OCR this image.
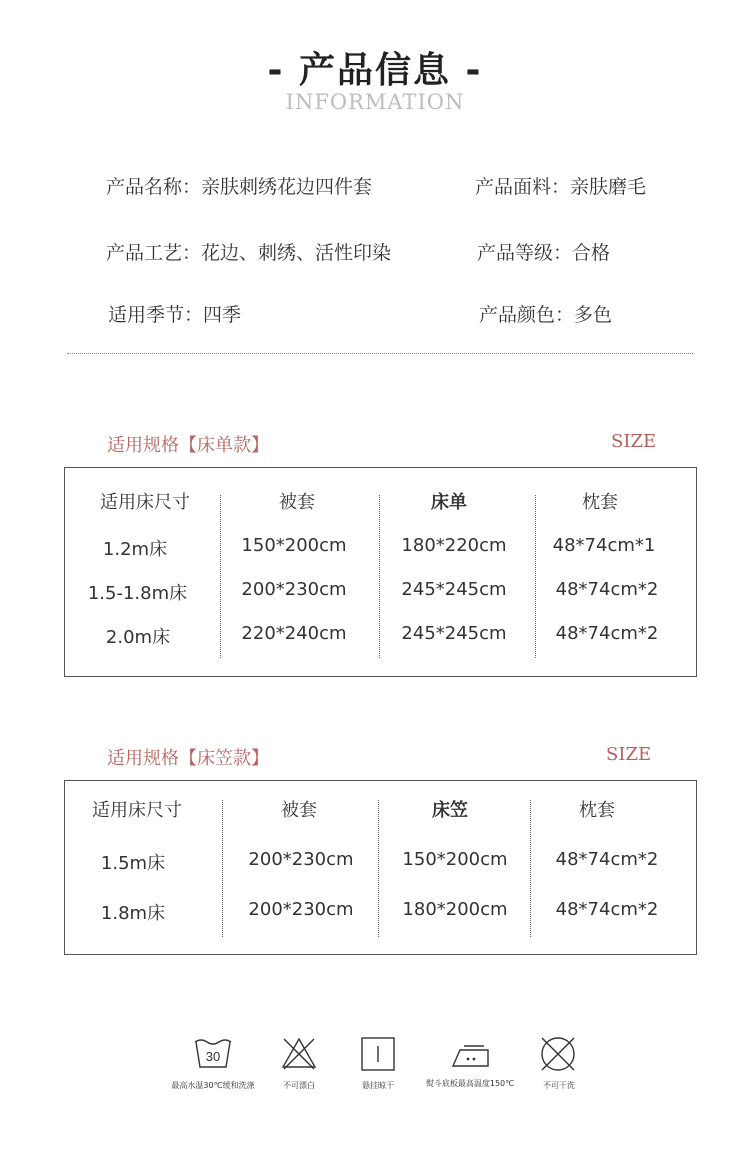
- 产品信息 -
INFORMATION
产品名称：亲肤刺绣花边四件套	产品面料：亲肤磨毛
产品工艺：花边、刺绣、活性印染	产品等级：合格
适用季节：四季	产品颜色：多色
适用规格【床单款】	SIZE
适用床尺寸	被套	床单	枕套
1.2m床	150*200cm	180*220cm	48*74cm*1
1.5-1.8m床	200*230cm	245*245cm	48*74cm*2
2.0m床	220*240cm	245*245cm	48*74cm*2
适用规格【床笠款】	SIZE
适用床尺寸	被套	床笠	枕套
1.5m床	200*230cm	150*200cm	48*74cm*2
1.8m床	200*230cm	180*200cm	48*74cm*2
30
最高水温30℃缓和洗涤	不可漂白	悬挂晾干	熨斗底板最高温度150℃	不可干洗
